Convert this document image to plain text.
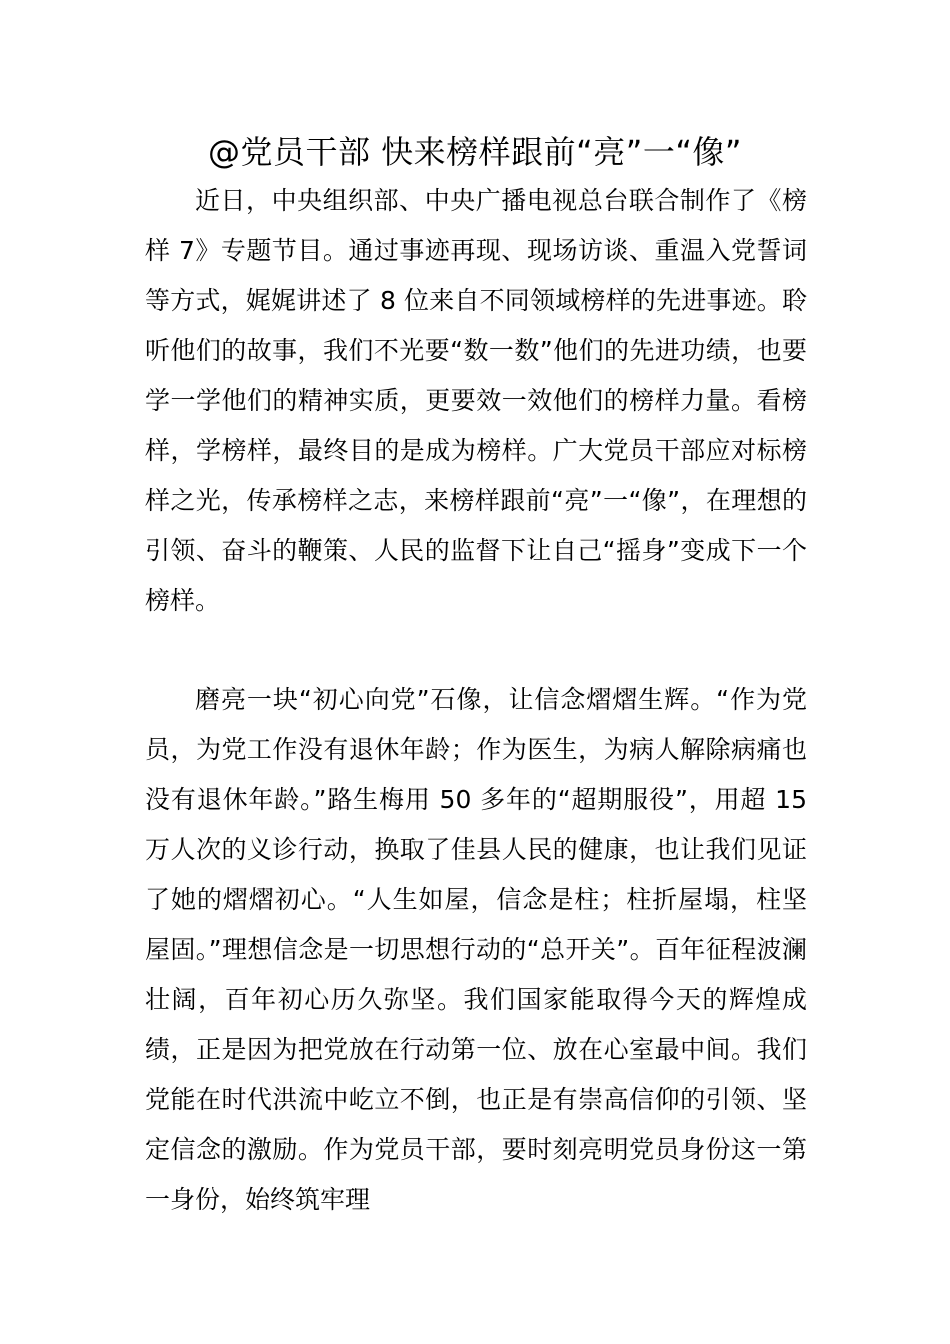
@党员干部 快来榜样跟前“亮”一“像”

近日，中央组织部、中央广播电视总台联合制作了《榜样 7》专题节目。通过事迹再现、现场访谈、重温入党誓词等方式，娓娓讲述了 8 位来自不同领域榜样的先进事迹。聆听他们的故事，我们不光要“数一数”他们的先进功绩，也要学一学他们的精神实质，更要效一效他们的榜样力量。看榜样，学榜样，最终目的是成为榜样。广大党员干部应对标榜样之光，传承榜样之志，来榜样跟前“亮”一“像”，在理想的引领、奋斗的鞭策、人民的监督下让自己“摇身”变成下一个榜样。

磨亮一块“初心向党”石像，让信念熠熠生辉。“作为党员，为党工作没有退休年龄；作为医生，为病人解除病痛也没有退休年龄。”路生梅用 50 多年的“超期服役”，用超 15 万人次的义诊行动，换取了佳县人民的健康，也让我们见证了她的熠熠初心。“人生如屋，信念是柱；柱折屋塌，柱坚屋固。”理想信念是一切思想行动的“总开关”。百年征程波澜壮阔，百年初心历久弥坚。我们国家能取得今天的辉煌成绩，正是因为把党放在行动第一位、放在心室最中间。我们党能在时代洪流中屹立不倒，也正是有崇高信仰的引领、坚定信念的激励。作为党员干部，要时刻亮明党员身份这一第一身份，始终筑牢理
